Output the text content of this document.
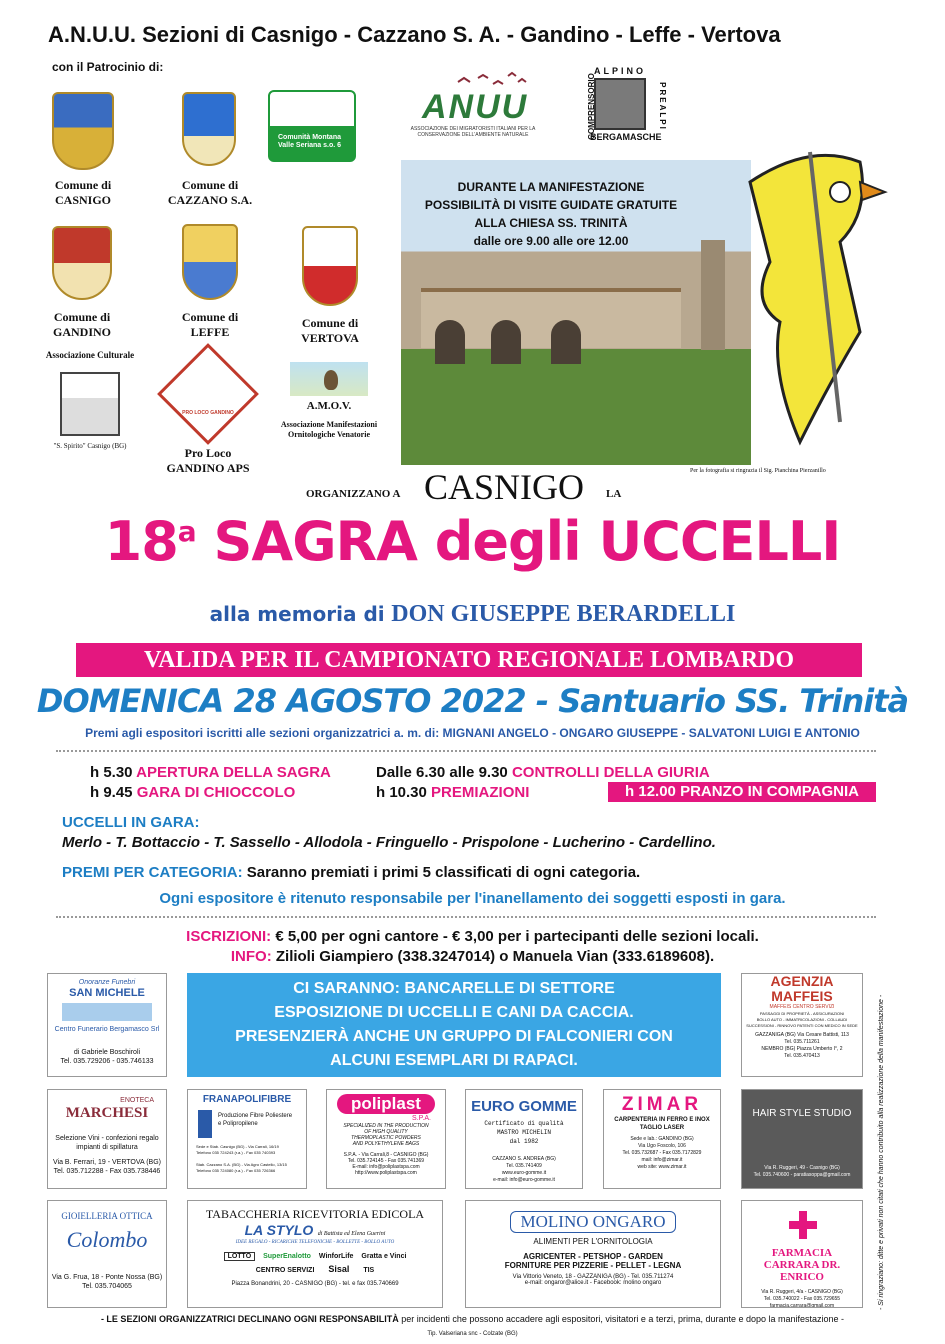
A.N.U.U. Sezioni di Casnigo - Cazzano S. A. - Gandino - Leffe - Vertova
con il Patrocinio di:
Comune di
CASNIGO
Comune di
CAZZANO S.A.
Comunità Montana Valle Seriana s.o. 6
ANUU
ASSOCIAZIONE DEI MIGRATORISTI ITALIANI PER LA CONSERVAZIONE DELL'AMBIENTE NATURALE
ALPINO
BERGAMASCHE
COMPRENSORIO	PREALPI
Comune di
GANDINO
Comune di
LEFFE
Comune di
VERTOVA
Associazione Culturale
"S. Spirito" Casnigo (BG)
PRO LOCO GANDINO
Pro Loco
GANDINO APS
A.M.O.V.
Associazione Manifestazioni Ornitologiche Venatorie
DURANTE LA MANIFESTAZIONE
POSSIBILITÀ DI VISITE GUIDATE GRATUITE
ALLA CHIESA SS. TRINITÀ
dalle ore 9.00 alle ore 12.00
Per la fotografia si ringrazia il Sig. Pianchina Pierzanillo
ORGANIZZANO A CASNIGO LA
18$^a$ SAGRA degli UCCELLI
alla memoria di DON GIUSEPPE BERARDELLI
VALIDA PER IL CAMPIONATO REGIONALE LOMBARDO
DOMENICA 28 AGOSTO 2022 - Santuario SS. Trinità
Premi agli espositori iscritti alle sezioni organizzatrici a. m. di: MIGNANI ANGELO - ONGARO GIUSEPPE - SALVATONI LUIGI E ANTONIO
h 5.30 APERTURA DELLA SAGRA
h 9.45 GARA DI CHIOCCOLO
Dalle 6.30 alle 9.30 CONTROLLI DELLA GIURIA
h 10.30 PREMIAZIONI	h 12.00 PRANZO IN COMPAGNIA
UCCELLI IN GARA:
Merlo - T. Bottaccio - T. Sassello - Allodola - Fringuello - Prispolone - Lucherino - Cardellino.
PREMI PER CATEGORIA: Saranno premiati i primi 5 classificati di ogni categoria.
Ogni espositore è ritenuto responsabile per l'inanellamento dei soggetti esposti in gara.
ISCRIZIONI: € 5,00 per ogni cantore - € 3,00 per i partecipanti delle sezioni locali.
INFO: Zilioli Giampiero (338.3247014) o Manuela Vian (333.6189608).
CI SARANNO: BANCARELLE DI SETTORE
ESPOSIZIONE DI UCCELLI E CANI DA CACCIA.
PRESENZIERÀ ANCHE UN GRUPPO DI FALCONIERI CON
ALCUNI ESEMPLARI DI RAPACI.
Onoranze Funebri
SAN MICHELE
Centro Funerario Bergamasco Srl
di Gabriele Boschiroli
Tel. 035.729206 - 035.746133
AGENZIA
MAFFEIS
MAFFEIS CENTRO SERVIZI
PASSAGGI DI PROPRIETÀ - ASSICURAZIONI
BOLLO AUTO - IMMATRICOLAZIONI - COLLAUDI
SUCCESSIONI - RINNOVO PATENTI CON MEDICO IN SEDE
GAZZANIGA (BG) Via Cesare Battisti, 113
Tel. 035.711261
NEMBRO (BG) Piazza Umberto I°, 2
Tel. 035.470413
ENOTECA
MARCHESI
Selezione Vini - confezioni regalo
impianti di spillatura
Via B. Ferrari, 19 - VERTOVA (BG)
Tel. 035.712288 - Fax 035.738446
FRANAPOLIFIBRE
Produzione Fibre Poliestere
e Polipropilene
Sede e Stab. Casnigo (BG) - Via Carrali, 16/19
Telefono 035 724243 (r.a.) - Fax 035 740393
Stab. Cazzano S.A. (BG) - Via Agro Castello, 13/15
Telefono 035 724080 (r.a.) - Fax 035 726366
poliplast
S.P.A.
SPECIALIZED IN THE PRODUCTION
OF HIGH QUALITY
THERMOPLASTIC POWDERS
AND POLYETHYLENE BAGS
S.P.A. - Via Carrali,8 - CASNIGO (BG)
Tel. 035.724145 - Fax 035.741369
E-mail: info@poliplastspa.com
http://www.poliplastspa.com
EURO GOMME
Certificato di qualità
MASTRO MICHELIN
dal 1982
CAZZANO S. ANDREA (BG)
Tel. 035.741409
www.euro-gomme.it
e-mail: info@euro-gomme.it
ZIMAR
CARPENTERIA IN FERRO E INOX
TAGLIO LASER
Sede e lab.: GANDINO (BG)
Via Ugo Foscolo, 106
Tel. 035.732687 - Fax 035.7172829
mail: info@zimar.it
web site: www.zimar.it
HAIR STYLE STUDIO
Via R. Ruggeri, 49 - Casnigo (BG)
Tel. 035.740600 - paratiasoppa@gmail.com
GIOIELLERIA OTTICA
Colombo
Via G. Frua, 18 - Ponte Nossa (BG)
Tel. 035.704065
TABACCHERIA RICEVITORIA EDICOLA
LA STYLO di Battista ed Elena Guerini
IDEE REGALO - RICARICHE TELEFONICHE - BOLLETTE - BOLLO AUTO
LOTTO SuperEnalotto WinforLife Gratta e Vinci
CENTRO SERVIZI Sisal TIS
Piazza Bonandrini, 20 - CASNIGO (BG) - tel. e fax 035.740669
MOLINO ONGARO
ALIMENTI PER L'ORNITOLOGIA
AGRICENTER - PETSHOP - GARDEN
FORNITURE PER PIZZERIE - PELLET - LEGNA
Via Vittorio Veneto, 18 - GAZZANIGA (BG) - Tel. 035.711274
e-mail: ongaror@alice.it - Facebook: molino ongaro
FARMACIA
CARRARA DR. ENRICO
Via R. Ruggeri, 4/a - CASNIGO (BG)
Tel. 035.740022 - Fax 035.729655
farmacia.carrara@gmail.com	- Si ringraziano: ditte e privati non citati che hanno contribuito alla realizzazione della manifestazione -
- LE SEZIONI ORGANIZZATRICI DECLINANO OGNI RESPONSABILITÀ per incidenti che possono accadere agli espositori, visitatori e a terzi, prima, durante e dopo la manifestazione -
Tip. Valseriana snc - Colzate (BG)
